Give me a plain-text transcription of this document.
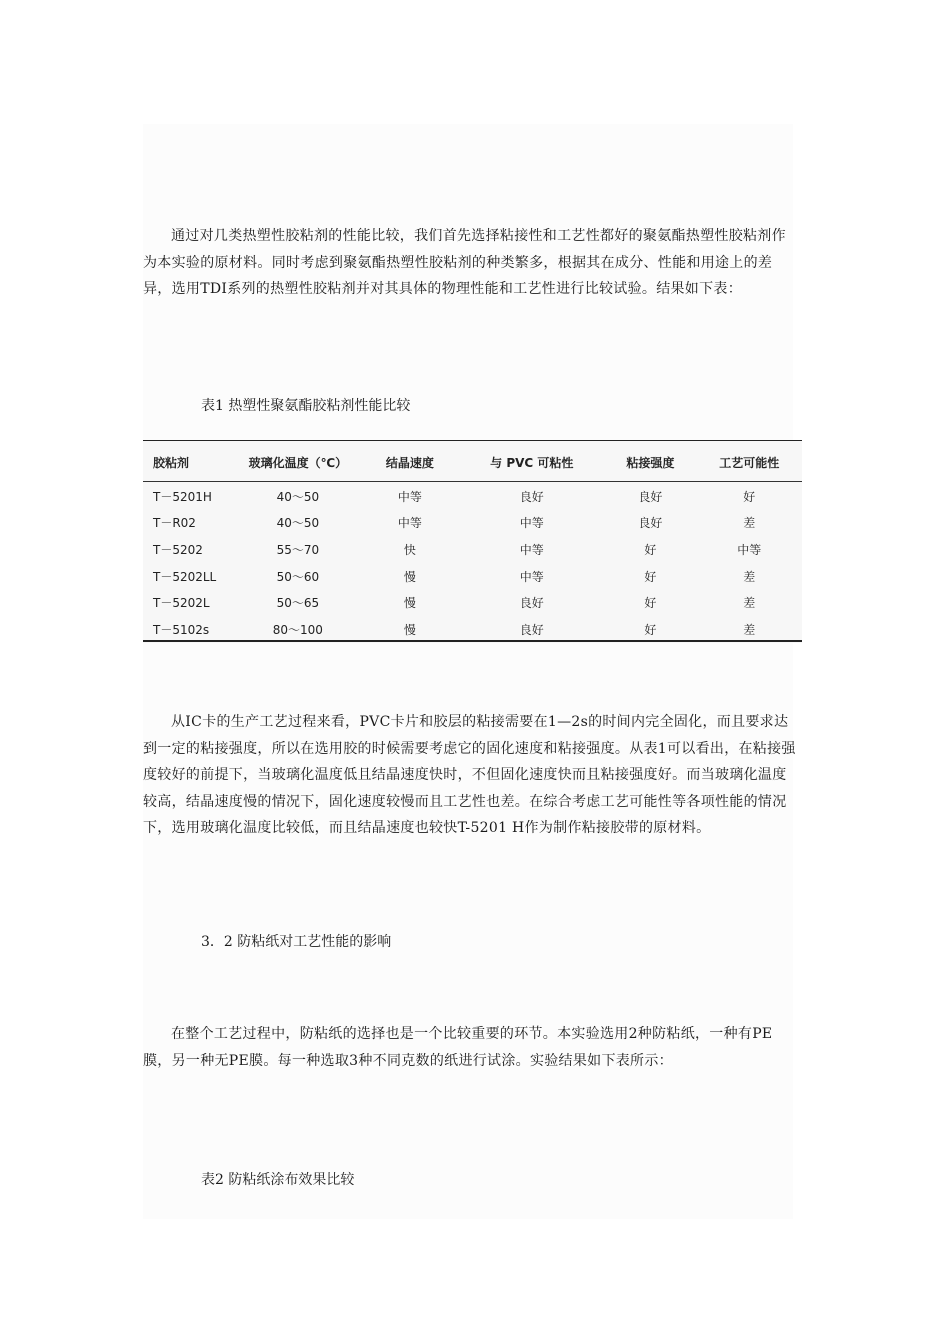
通过对几类热塑性胶粘剂的性能比较，我们首先选择粘接性和工艺性都好的聚氨酯热塑性胶粘剂作为本实验的原材料。同时考虑到聚氨酯热塑性胶粘剂的种类繁多，根据其在成分、性能和用途上的差异，选用TDI系列的热塑性胶粘剂并对其具体的物理性能和工艺性进行比较试验。结果如下表：

表1 热塑性聚氨酯胶粘剂性能比较

胶粘剂	玻璃化温度（℃）	结晶速度	与 PVC 可粘性	粘接强度	工艺可能性
T－5201H	40～50	中等	良好	良好	好
T－R02	40～50	中等	中等	良好	差
T－5202	55～70	快	中等	好	中等
T－5202LL	50～60	慢	中等	好	差
T－5202L	50～65	慢	良好	好	差
T－5102s	80～100	慢	良好	好	差

从IC卡的生产工艺过程来看，PVC卡片和胶层的粘接需要在1—2s的时间内完全固化，而且要求达到一定的粘接强度，所以在选用胶的时候需要考虑它的固化速度和粘接强度。从表1可以看出，在粘接强度较好的前提下，当玻璃化温度低且结晶速度快时，不但固化速度快而且粘接强度好。而当玻璃化温度较高，结晶速度慢的情况下，固化速度较慢而且工艺性也差。在综合考虑工艺可能性等各项性能的情况下，选用玻璃化温度比较低，而且结晶速度也较快T-5201 H作为制作粘接胶带的原材料。

3．2 防粘纸对工艺性能的影响

在整个工艺过程中，防粘纸的选择也是一个比较重要的环节。本实验选用2种防粘纸，一种有PE膜，另一种无PE膜。每一种选取3种不同克数的纸进行试涂。实验结果如下表所示：

表2 防粘纸涂布效果比较
